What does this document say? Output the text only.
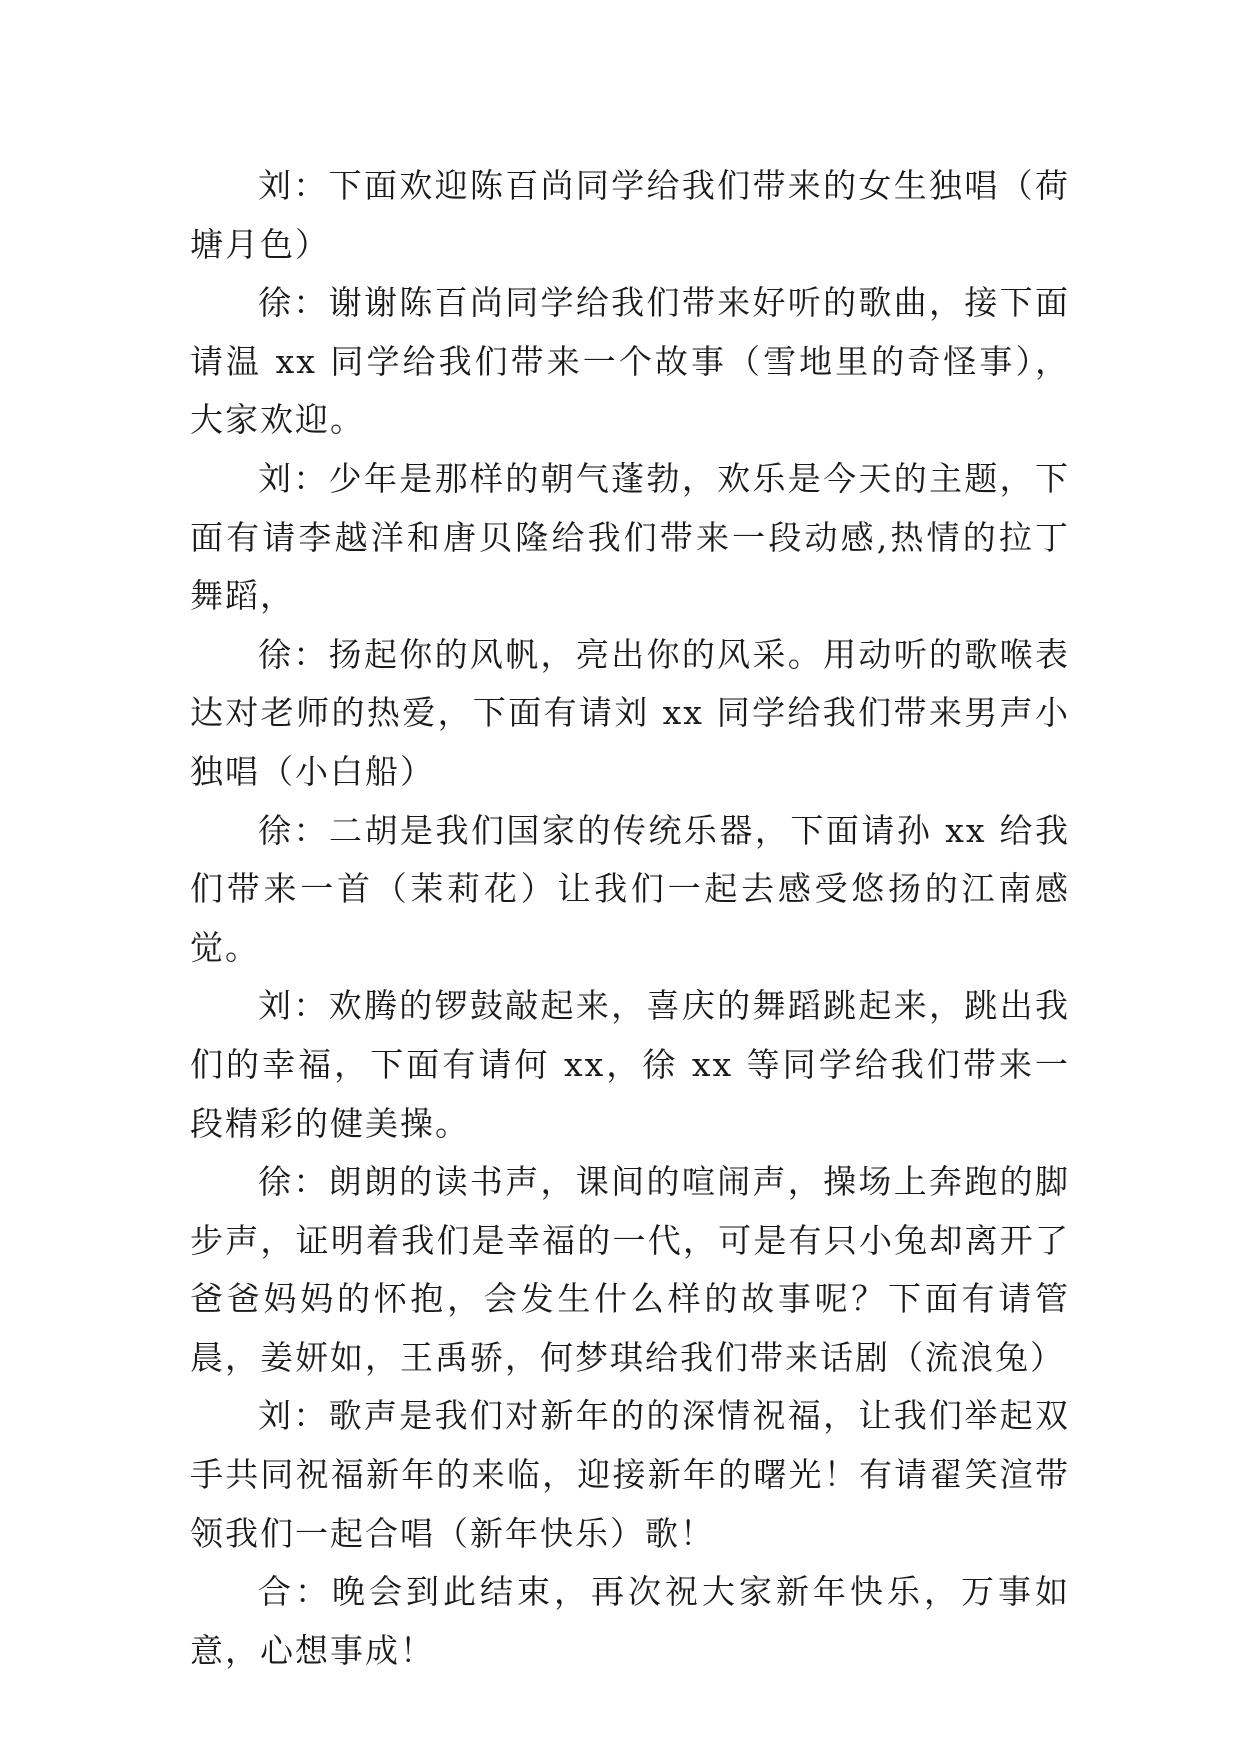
刘：下面欢迎陈百尚同学给我们带来的女生独唱（荷塘月色）

徐：谢谢陈百尚同学给我们带来好听的歌曲，接下面请温 xx 同学给我们带来一个故事（雪地里的奇怪事），大家欢迎。

刘：少年是那样的朝气蓬勃，欢乐是今天的主题，下面有请李越洋和唐贝隆给我们带来一段动感,热情的拉丁舞蹈，

徐：扬起你的风帆，亮出你的风采。用动听的歌喉表达对老师的热爱，下面有请刘 xx 同学给我们带来男声小独唱（小白船）

徐：二胡是我们国家的传统乐器，下面请孙 xx 给我们带来一首（茉莉花）让我们一起去感受悠扬的江南感觉。

刘：欢腾的锣鼓敲起来，喜庆的舞蹈跳起来，跳出我们的幸福，下面有请何 xx，徐 xx 等同学给我们带来一段精彩的健美操。

徐：朗朗的读书声，课间的喧闹声，操场上奔跑的脚步声，证明着我们是幸福的一代，可是有只小兔却离开了爸爸妈妈的怀抱，会发生什么样的故事呢？下面有请管晨，姜妍如，王禹骄，何梦琪给我们带来话剧（流浪兔）

刘：歌声是我们对新年的的深情祝福，让我们举起双手共同祝福新年的来临，迎接新年的曙光！有请翟笑渲带领我们一起合唱（新年快乐）歌！

合：晚会到此结束，再次祝大家新年快乐，万事如意，心想事成！
